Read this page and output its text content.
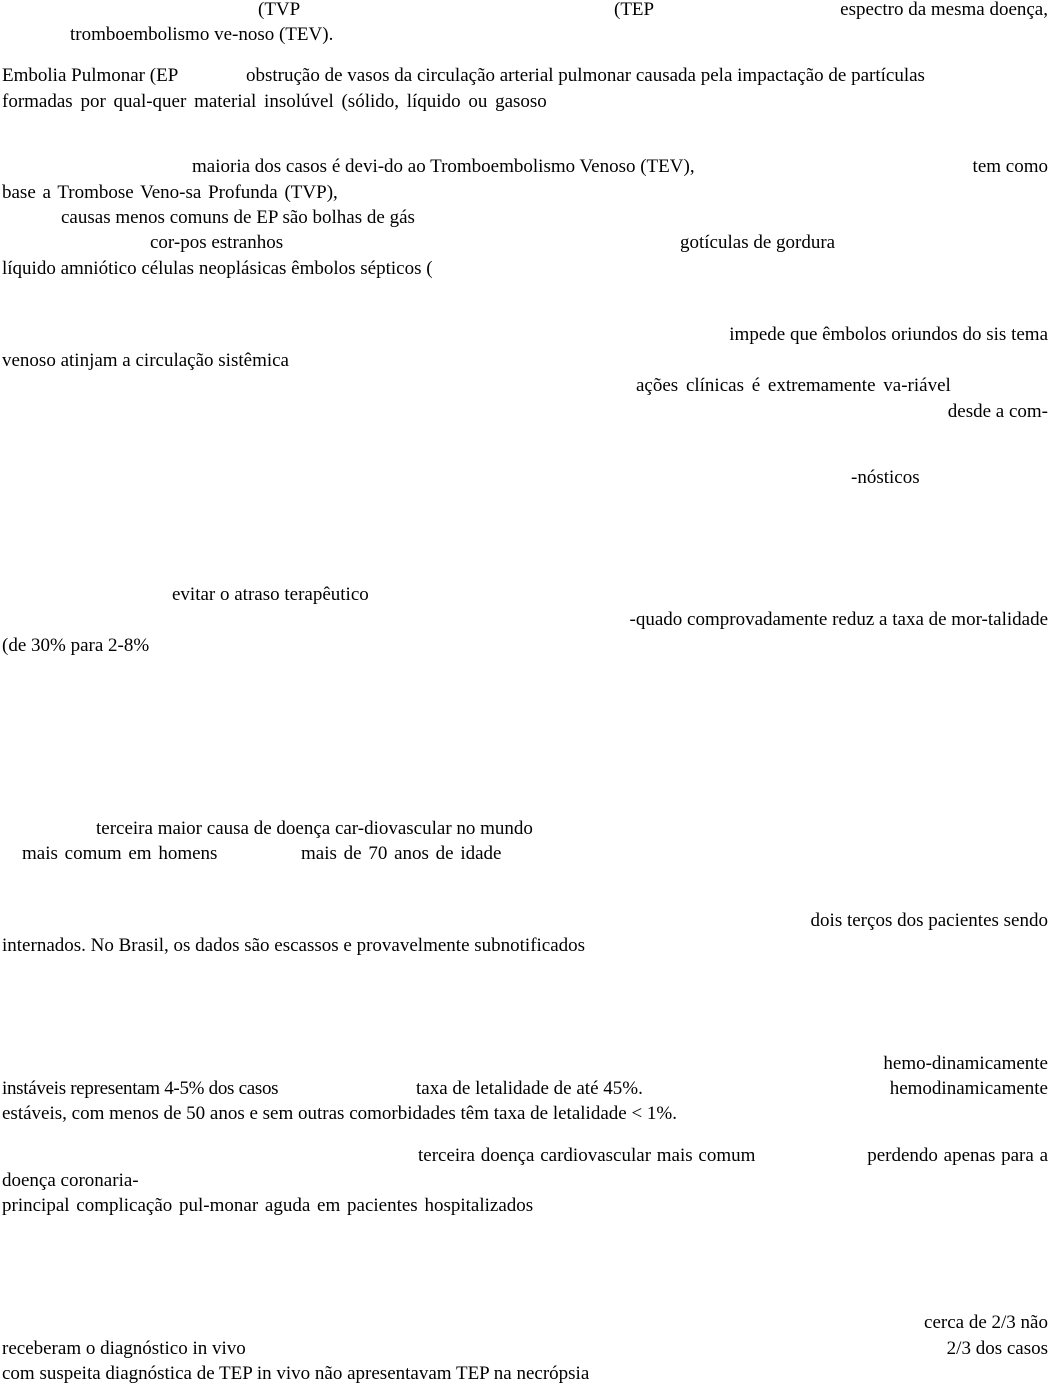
(TVP	(TEP	espectro da mesma doença,
tromboembolismo ve-noso (TEV).
Embolia Pulmonar (EP	obstrução de vasos da circulação arterial pulmonar causada pela impactação de partículas
formadas por qual-quer material insolúvel (sólido, líquido ou gasoso
maioria dos casos é devi-do ao Tromboembolismo Venoso (TEV),	tem como
base a Trombose Veno-sa Profunda (TVP),
causas menos comuns de EP são bolhas de gás
cor-pos estranhos	gotículas de gordura
líquido amniótico células neoplásicas êmbolos sépticos (
impede que êmbolos oriundos do sis tema
venoso atinjam a circulação sistêmica
ações clínicas é extremamente va-riável
desde a com-
-nósticos
evitar o atraso terapêutico
-quado comprovadamente reduz a taxa de mor-talidade
(de 30% para 2-8%
terceira maior causa de doença car-diovascular no mundo
mais comum em homens	mais de 70 anos de idade
dois terços dos pacientes sendo
internados. No Brasil, os dados são escassos e provavelmente subnotificados
hemo-dinamicamente
instáveis representam 4-5% dos casos	taxa de letalidade de até 45%.	hemodinamicamente
estáveis, com menos de 50 anos e sem outras comorbidades têm taxa de letalidade < 1%.
terceira doença cardiovascular mais comum	perdendo apenas para a
doença coronaria-
principal complicação pul-monar aguda em pacientes hospitalizados
cerca de 2/3 não
receberam o diagnóstico in vivo	2/3 dos casos
com suspeita diagnóstica de TEP in vivo não apresentavam TEP na necrópsia
